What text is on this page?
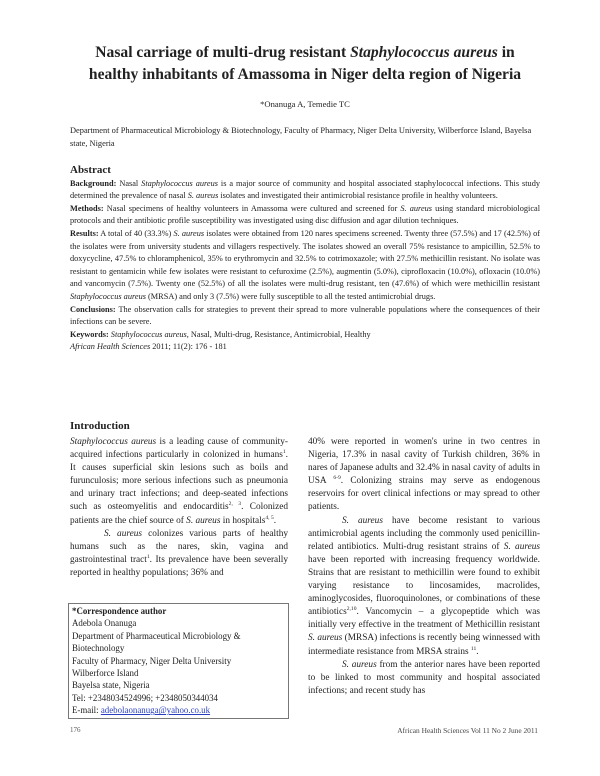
Nasal carriage of multi-drug resistant Staphylococcus aureus in
healthy inhabitants of Amassoma in Niger delta region of Nigeria
*Onanuga A, Temedie TC
Department of Pharmaceutical Microbiology & Biotechnology, Faculty of Pharmacy, Niger Delta University, Wilberforce Island, Bayelsa state, Nigeria
Abstract

Background: Nasal Staphylococcus aureus is a major source of community and hospital associated staphylococcal infections. This study determined the prevalence of nasal S. aureus isolates and investigated their antimicrobial resistance profile in healthy volunteers.

Methods: Nasal specimens of healthy volunteers in Amassoma were cultured and screened for S. aureus using standard microbiological protocols and their antibiotic profile susceptibility was investigated using disc diffusion and agar dilution techniques.

Results: A total of 40 (33.3%) S. aureus isolates were obtained from 120 nares specimens screened. Twenty three (57.5%) and 17 (42.5%) of the isolates were from university students and villagers respectively. The isolates showed an overall 75% resistance to ampicillin, 52.5% to doxycycline, 47.5% to chloramphenicol, 35% to erythromycin and 32.5% to cotrimoxazole; with 27.5% methicillin resistant. No isolate was resistant to gentamicin while few isolates were resistant to cefuroxime (2.5%), augmentin (5.0%), ciprofloxacin (10.0%), ofloxacin (10.0%) and vancomycin (7.5%). Twenty one (52.5%) of all the isolates were multi-drug resistant, ten (47.6%) of which were methicillin resistant Staphylococcus aureus (MRSA) and only 3 (7.5%) were fully susceptible to all the tested antimicrobial drugs.

Conclusions: The observation calls for strategies to prevent their spread to more vulnerable populations where the consequences of their infections can be severe.

Keywords: Staphylococcus aureus, Nasal, Multi-drug, Resistance, Antimicrobial, Healthy

African Health Sciences 2011; 11(2): 176 - 181

Introduction

Staphylococcus aureus is a leading cause of community-acquired infections particularly in colonized in humans$^1$. It causes superficial skin lesions such as boils and furunculosis; more serious infections such as pneumonia and urinary tract infections; and deep-seated infections such as osteomyelitis and endocarditis$^{2, 3}$. Colonized patients are the chief source of S. aureus in hospitals$^{4, 5}$.

S. aureus colonizes various parts of healthy humans such as the nares, skin, vagina and gastrointestinal tract$^1$. Its prevalence have been severally reported in healthy populations; 36% and

40% were reported in women's urine in two centres in Nigeria, 17.3% in nasal cavity of Turkish children, 36% in nares of Japanese adults and 32.4% in nasal cavity of adults in USA $^{6-9}$. Colonizing strains may serve as endogenous reservoirs for overt clinical infections or may spread to other patients.

S. aureus have become resistant to various antimicrobial agents including the commonly used penicillin-related antibiotics. Multi-drug resistant strains of S. aureus have been reported with increasing frequency worldwide. Strains that are resistant to methicillin were found to exhibit varying resistance to lincosamides, macrolides, aminoglycosides, fluoroquinolones, or combinations of these antibiotics$^{2,10}$. Vancomycin – a glycopeptide which was initially very effective in the treatment of Methicillin resistant S. aureus (MRSA) infections is recently being winnessed with intermediate resistance from MRSA strains $^{11}$.

S. aureus from the anterior nares have been reported to be linked to most community and hospital associated infections; and recent study has

*Correspondence author
Adebola Onanuga
Department of Pharmaceutical Microbiology &
Biotechnology
Faculty of Pharmacy, Niger Delta University
Wilberforce Island
Bayelsa state, Nigeria
Tel: +2348034524996; +2348050344034
E-mail: adebolaonanuga@yahoo.co.uk
176	African Health Sciences Vol 11 No 2 June 2011
